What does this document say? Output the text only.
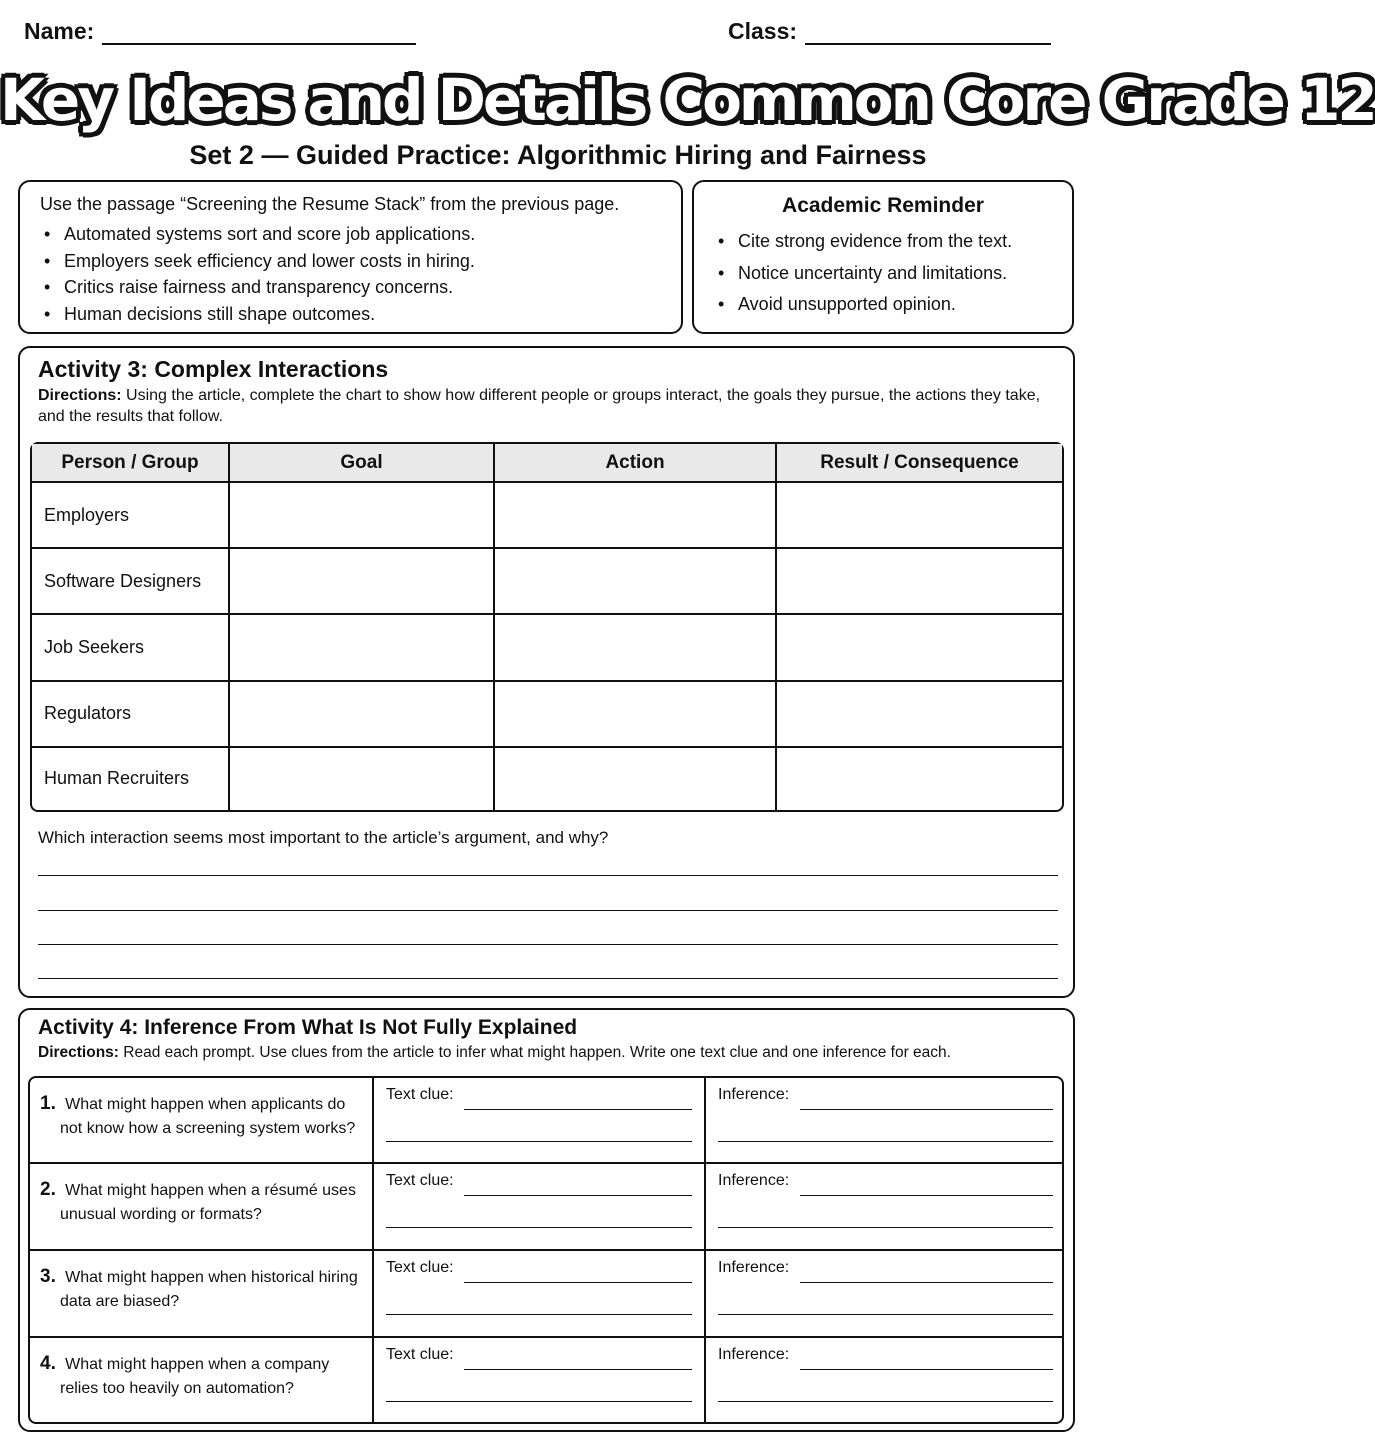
Name:	Class:
Key Ideas and Details Common Core Grade 12
Set 2 — Guided Practice: Algorithmic Hiring and Fairness
Use the passage “Screening the Resume Stack” from the previous page.
• Automated systems sort and score job applications.
• Employers seek efficiency and lower costs in hiring.
• Critics raise fairness and transparency concerns.
• Human decisions still shape outcomes.
Academic Reminder
• Cite strong evidence from the text.
• Notice uncertainty and limitations.
• Avoid unsupported opinion.
Activity 3: Complex Interactions
Directions: Using the article, complete the chart to show how different people or groups interact, the goals they pursue, the actions they take, and the results that follow.
Person / Group	Goal	Action	Result / Consequence
Employers			
Software Designers			
Job Seekers			
Regulators			
Human Recruiters			
Which interaction seems most important to the article’s argument, and why?
Activity 4: Inference From What Is Not Fully Explained
Directions: Read each prompt. Use clues from the article to infer what might happen. Write one text clue and one inference for each.
1. What might happen when applicants do not know how a screening system works?	Text clue:	Inference:

2. What might happen when a résumé uses unusual wording or formats?	Text clue:	Inference:

3. What might happen when historical hiring data are biased?	Text clue:	Inference:

4. What might happen when a company relies too heavily on automation?	Text clue:	Inference:
